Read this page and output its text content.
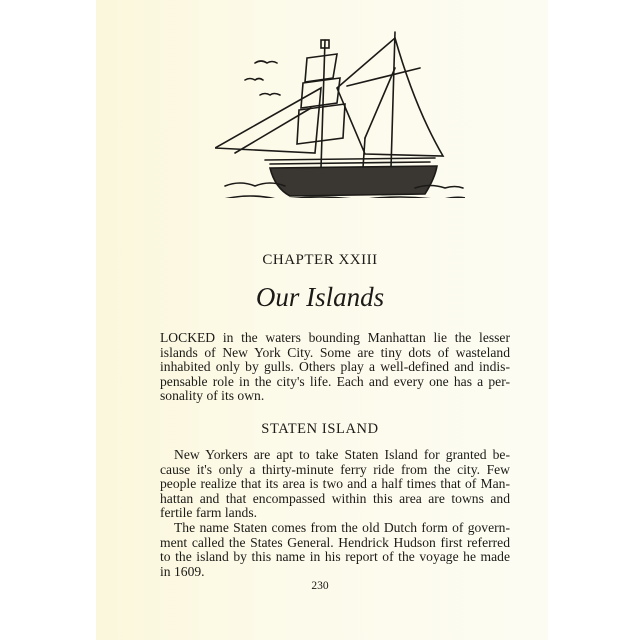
CHAPTER XXIII
Our Islands
LOCKED in the waters bounding Manhattan lie the lesser
islands of New York City. Some are tiny dots of wasteland
inhabited only by gulls. Others play a well-defined and indis-
pensable role in the city's life. Each and every one has a per-
sonality of its own.
STATEN ISLAND
New Yorkers are apt to take Staten Island for granted be-
cause it's only a thirty-minute ferry ride from the city. Few
people realize that its area is two and a half times that of Man-
hattan and that encompassed within this area are towns and
fertile farm lands.
The name Staten comes from the old Dutch form of govern-
ment called the States General. Hendrick Hudson first referred
to the island by this name in his report of the voyage he made
in 1609.
230
